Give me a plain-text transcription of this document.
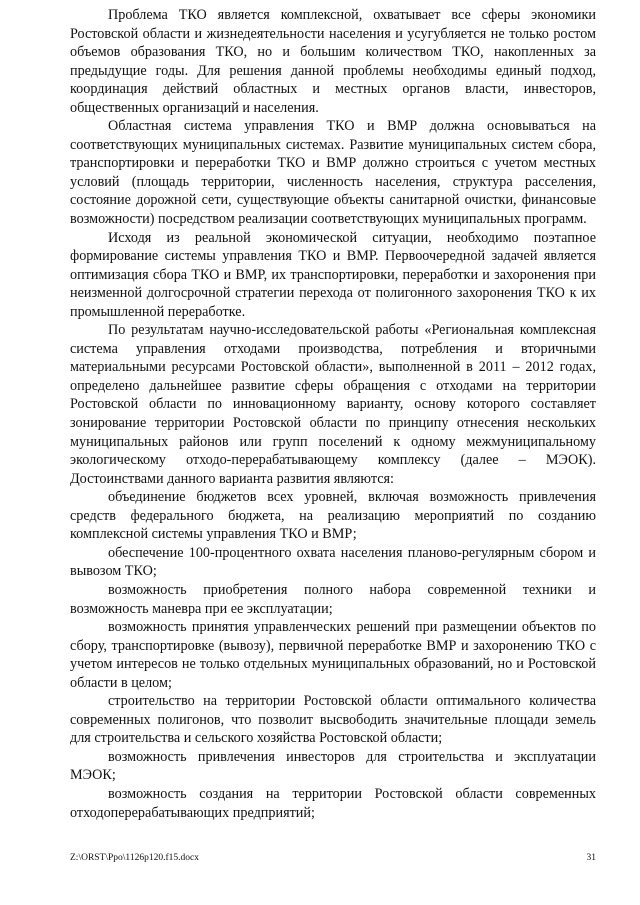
Проблема ТКО является комплексной, охватывает все сферы экономики Ростовской области и жизнедеятельности населения и усугубляется не только ростом объемов образования ТКО, но и большим количеством ТКО, накопленных за предыдущие годы. Для решения данной проблемы необходимы единый подход, координация действий областных и местных органов власти, инвесторов, общественных организаций и населения.

Областная система управления ТКО и ВМР должна основываться на соответствующих муниципальных системах. Развитие муниципальных систем сбора, транспортировки и переработки ТКО и ВМР должно строиться с учетом местных условий (площадь территории, численность населения, структура расселения, состояние дорожной сети, существующие объекты санитарной очистки, финансовые возможности) посредством реализации соответствующих муниципальных программ.

Исходя из реальной экономической ситуации, необходимо поэтапное формирование системы управления ТКО и ВМР. Первоочередной задачей является оптимизация сбора ТКО и ВМР, их транспортировки, переработки и захоронения при неизменной долгосрочной стратегии перехода от полигонного захоронения ТКО к их промышленной переработке.

По результатам научно-исследовательской работы «Региональная комплексная система управления отходами производства, потребления и вторичными материальными ресурсами Ростовской области», выполненной в 2011 – 2012 годах, определено дальнейшее развитие сферы обращения с отходами на территории Ростовской области по инновационному варианту, основу которого составляет зонирование территории Ростовской области по принципу отнесения нескольких муниципальных районов или групп поселений к одному межмуниципальному экологическому отходо-перерабатывающему комплексу (далее – МЭОК). Достоинствами данного варианта развития являются:

объединение бюджетов всех уровней, включая возможность привлечения средств федерального бюджета, на реализацию мероприятий по созданию комплексной системы управления ТКО и ВМР;

обеспечение 100-процентного охвата населения планово-регулярным сбором и вывозом ТКО;

возможность приобретения полного набора современной техники и возможность маневра при ее эксплуатации;

возможность принятия управленческих решений при размещении объектов по сбору, транспортировке (вывозу), первичной переработке ВМР и захоронению ТКО с учетом интересов не только отдельных муниципальных образований, но и Ростовской области в целом;

строительство на территории Ростовской области оптимального количества современных полигонов, что позволит высвободить значительные площади земель для строительства и сельского хозяйства Ростовской области;

возможность привлечения инвесторов для строительства и эксплуатации МЭОК;

возможность создания на территории Ростовской области современных отходоперерабатывающих предприятий;

Z:\ORST\Ppo\1126p120.f15.docx	31
